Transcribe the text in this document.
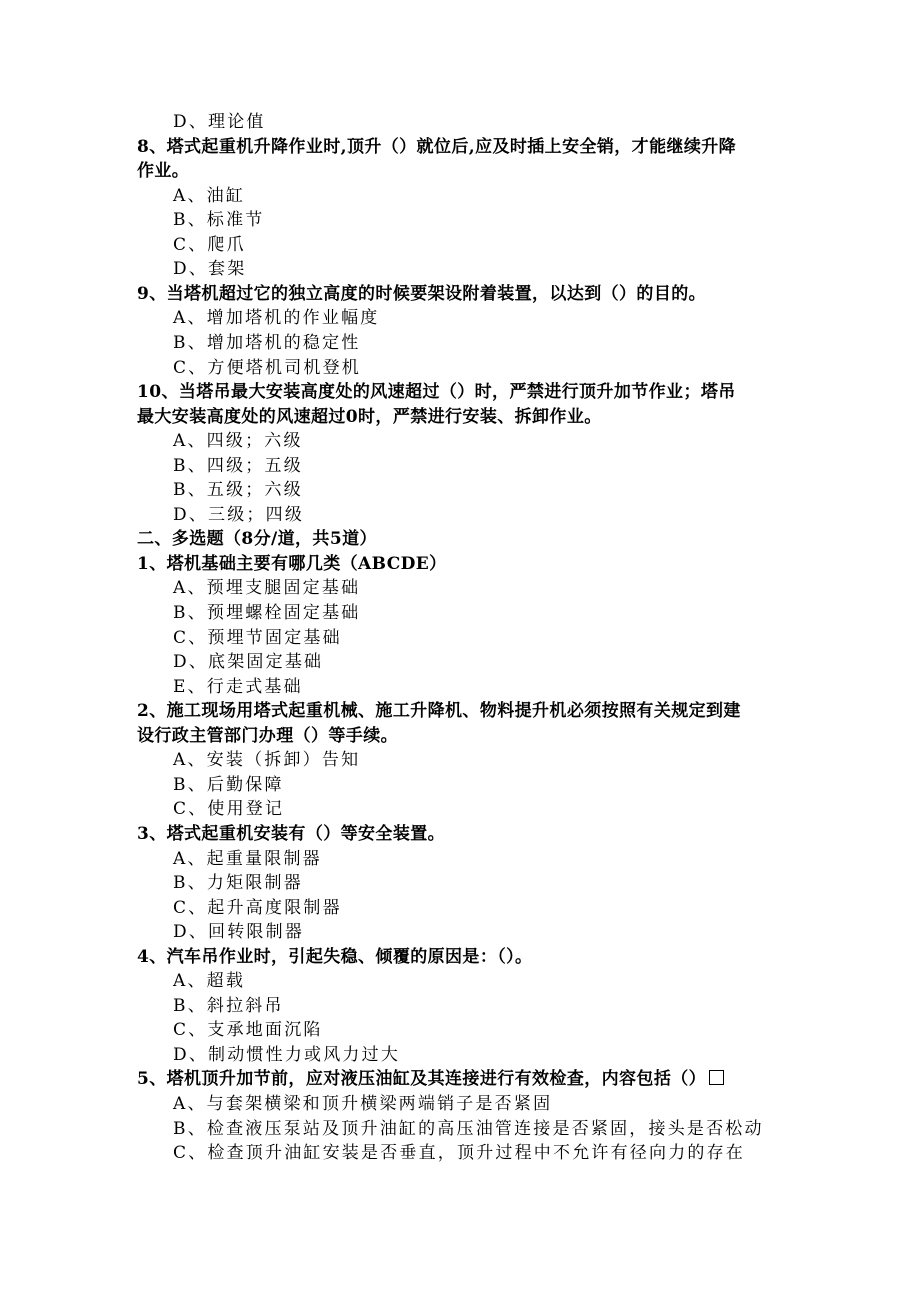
D、理论值
8、塔式起重机升降作业时,顶升（）就位后,应及时插上安全销，才能继续升降
作业。
A、油缸
B、标准节
C、爬爪
D、套架
9、当塔机超过它的独立高度的时候要架设附着装置，以达到（）的目的。
A、增加塔机的作业幅度
B、增加塔机的稳定性
C、方便塔机司机登机
10、当塔吊最大安装高度处的风速超过（）时，严禁进行顶升加节作业；塔吊
最大安装高度处的风速超过0时，严禁进行安装、拆卸作业。
A、四级；六级
B、四级；五级
B、五级；六级
D、三级；四级
二、多选题（8分/道，共5道）
1、塔机基础主要有哪几类（ABCDE）
A、预埋支腿固定基础
B、预埋螺栓固定基础
C、预埋节固定基础
D、底架固定基础
E、行走式基础
2、施工现场用塔式起重机械、施工升降机、物料提升机必须按照有关规定到建
设行政主管部门办理（）等手续。
A、安装（拆卸）告知
B、后勤保障
C、使用登记
3、塔式起重机安装有（）等安全装置。
A、起重量限制器
B、力矩限制器
C、起升高度限制器
D、回转限制器
4、汽车吊作业时，引起失稳、倾覆的原因是：（）。
A、超载
B、斜拉斜吊
C、支承地面沉陷
D、制动惯性力或风力过大
5、塔机顶升加节前，应对液压油缸及其连接进行有效检查，内容包括（）
A、与套架横梁和顶升横梁两端销子是否紧固
B、检查液压泵站及顶升油缸的高压油管连接是否紧固，接头是否松动
C、检查顶升油缸安装是否垂直，顶升过程中不允许有径向力的存在
